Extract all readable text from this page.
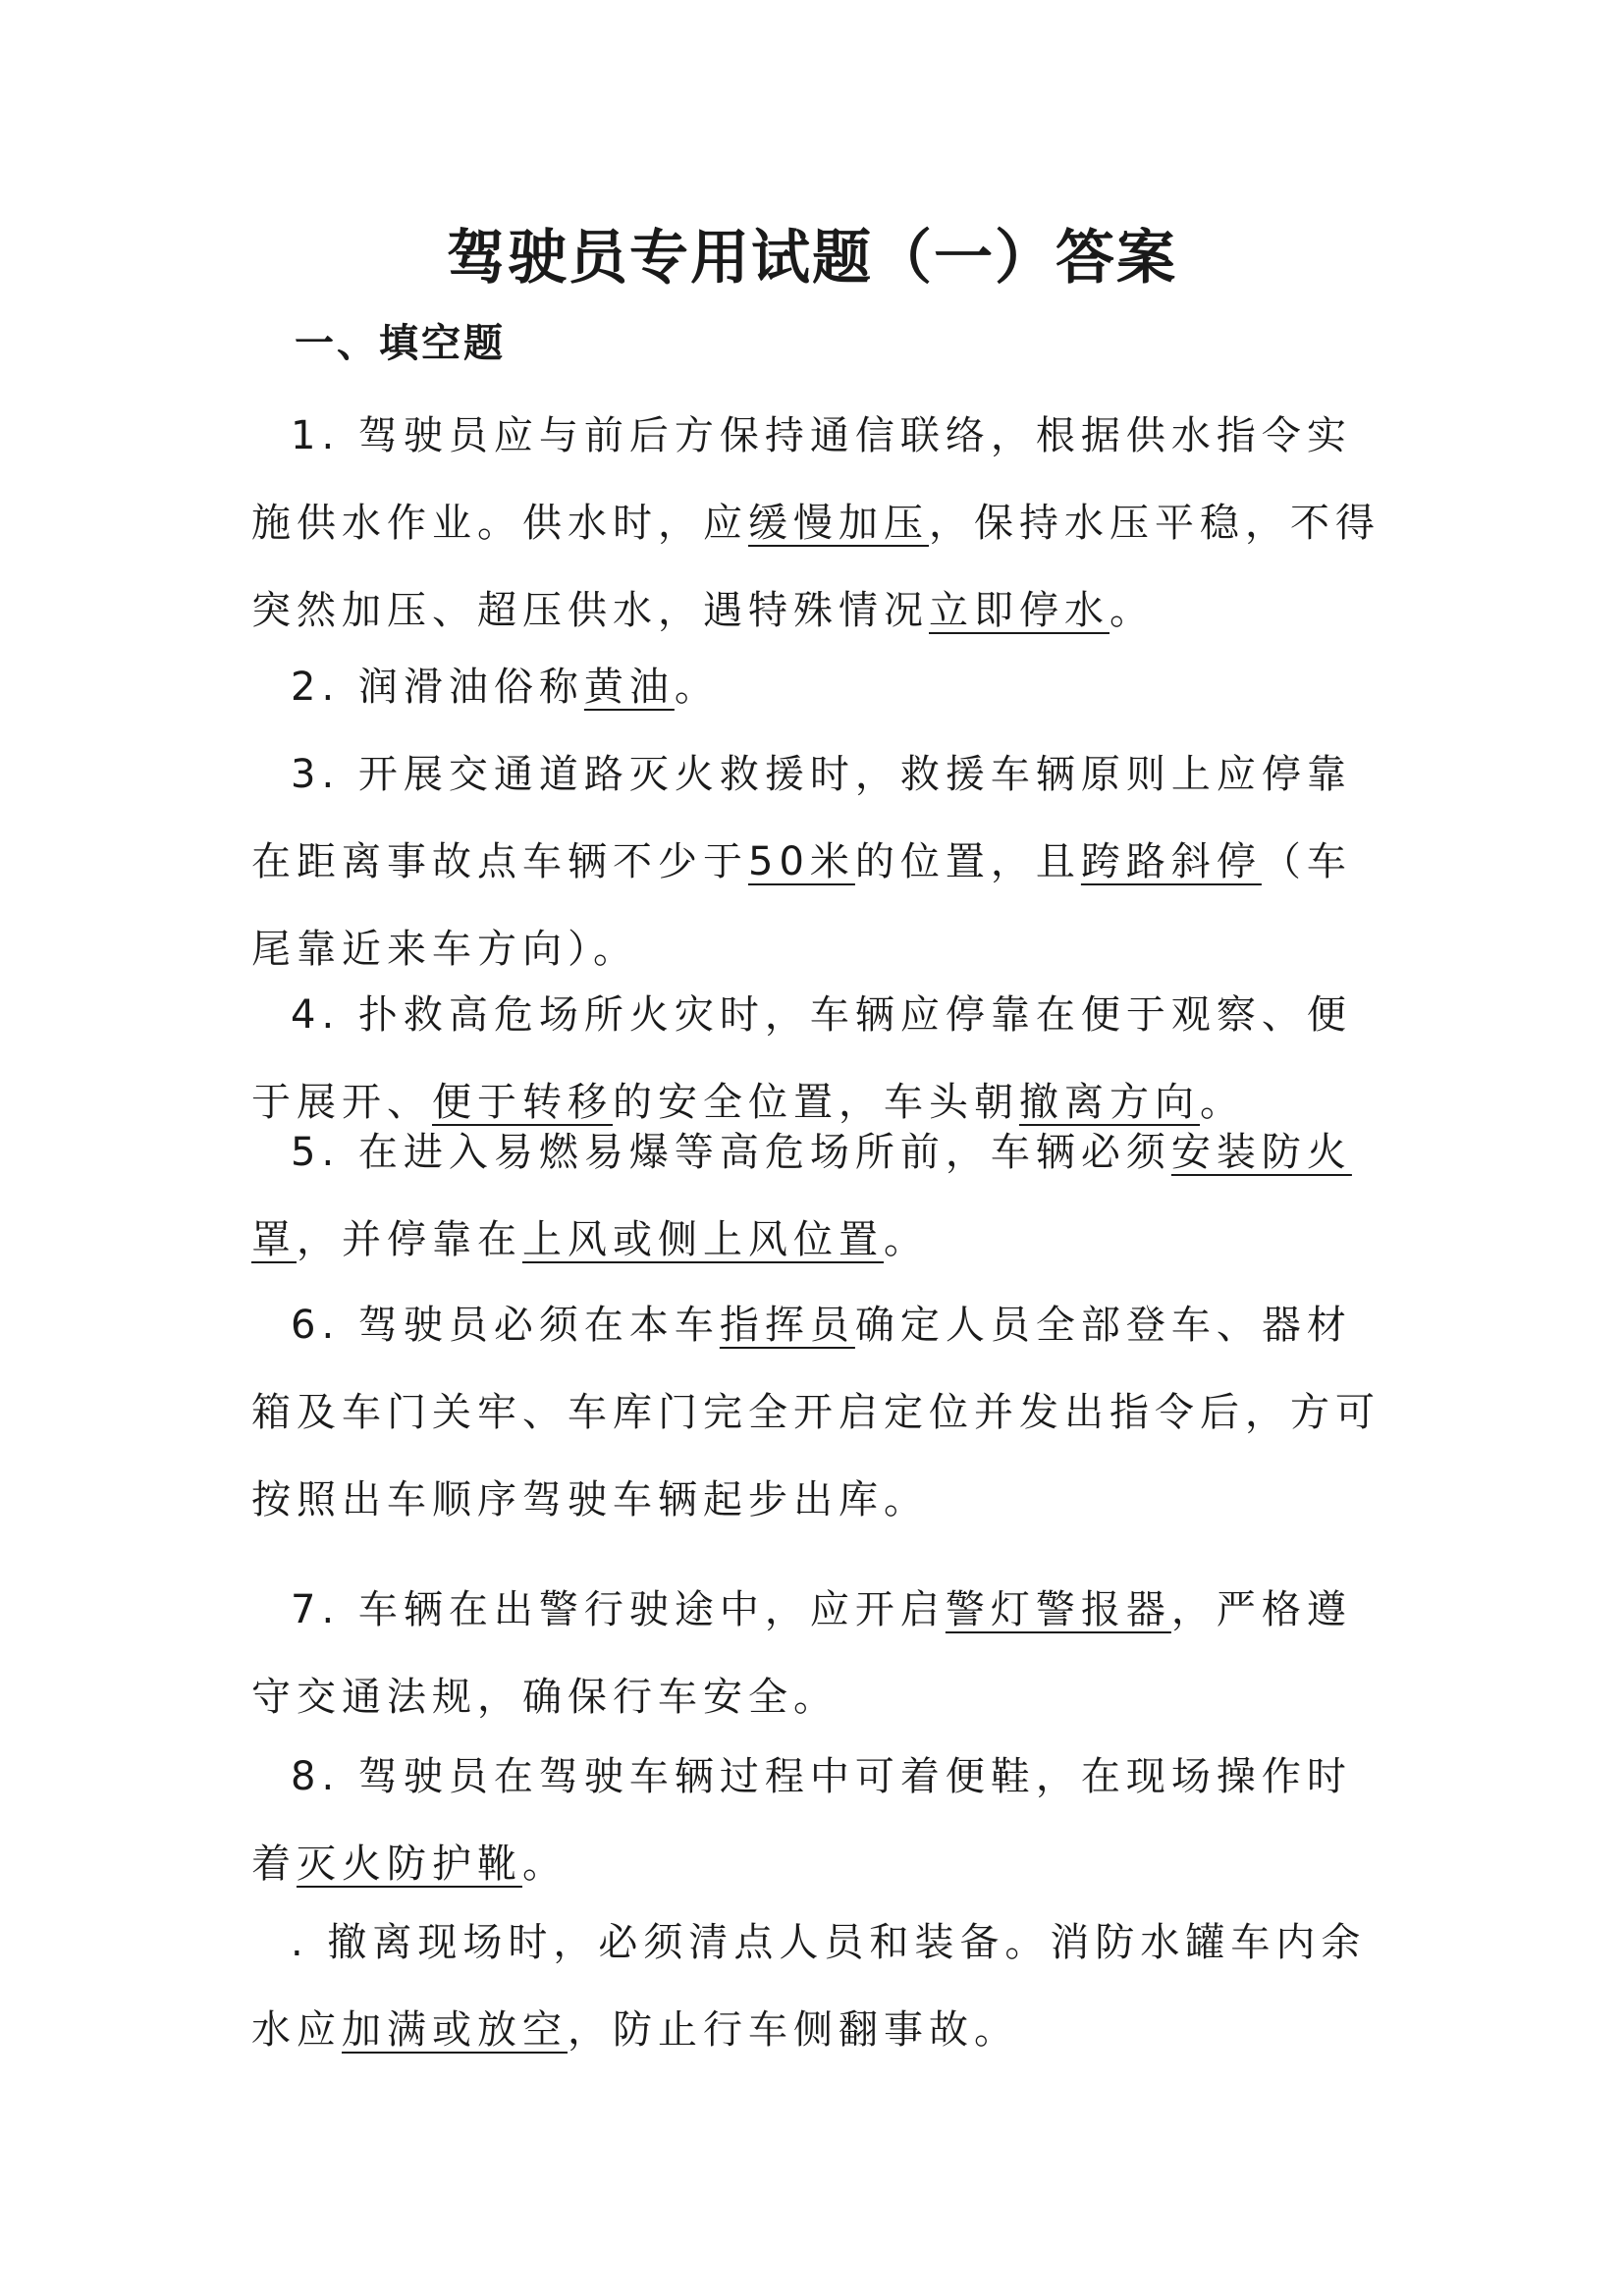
驾驶员专用试题（一）答案
一、填空题
1. 驾驶员应与前后方保持通信联络，根据供水指令实施供水作业。供水时，应缓慢加压，保持水压平稳，不得突然加压、超压供水，遇特殊情况立即停水。
2. 润滑油俗称黄油。
3. 开展交通道路灭火救援时，救援车辆原则上应停靠在距离事故点车辆不少于50米的位置，且跨路斜停（车尾靠近来车方向）。
4. 扑救高危场所火灾时，车辆应停靠在便于观察、便于展开、便于转移的安全位置，车头朝撤离方向。
5. 在进入易燃易爆等高危场所前，车辆必须安装防火罩，并停靠在上风或侧上风位置。
6. 驾驶员必须在本车指挥员确定人员全部登车、器材 箱及车门关牢、车库门完全开启定位并发出指令后，方可按照出车顺序驾驶车辆起步出库。
7. 车辆在出警行驶途中，应开启警灯警报器，严格遵守交通法规，确保行车安全。
8. 驾驶员在驾驶车辆过程中可着便鞋，在现场操作时着灭火防护靴。
. 撤离现场时，必须清点人员和装备。消防水罐车内余水应加满或放空，防止行车侧翻事故。
